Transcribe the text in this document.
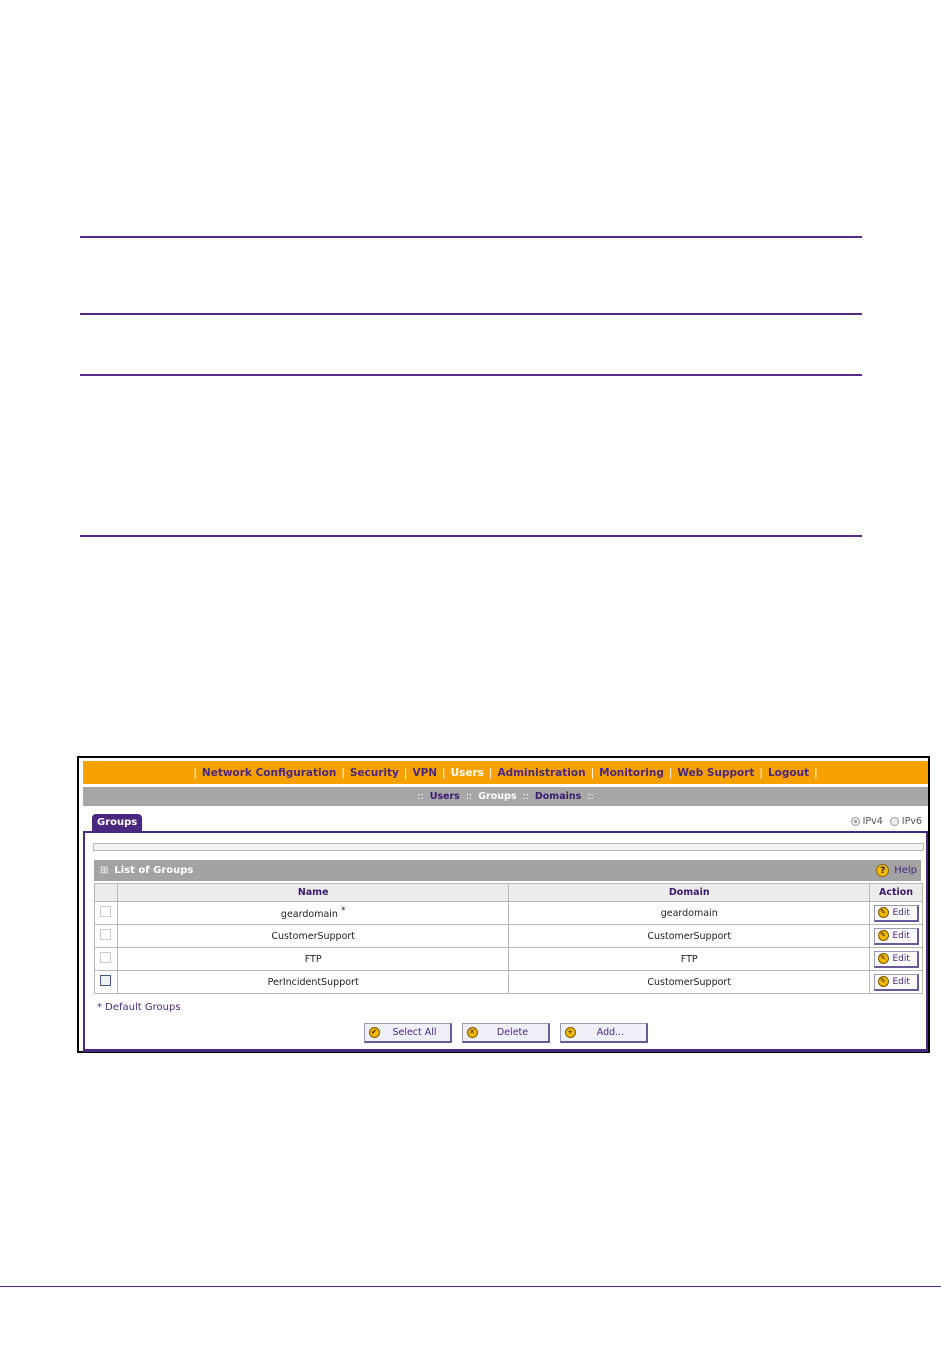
| Network Configuration | Security | VPN | Users | Administration | Monitoring | Web Support | Logout |
:: Users :: Groups :: Domains ::
Groups	IPv4 IPv6
⊞ List of Groups	? Help
	Name	Domain	Action
	geardomain *	geardomain	✎ Edit

	CustomerSupport	CustomerSupport	✎ Edit

	FTP	FTP	✎ Edit

	PerIncidentSupport	CustomerSupport	✎ Edit
* Default Groups
✔	Select All	✕	Delete	+	Add...
